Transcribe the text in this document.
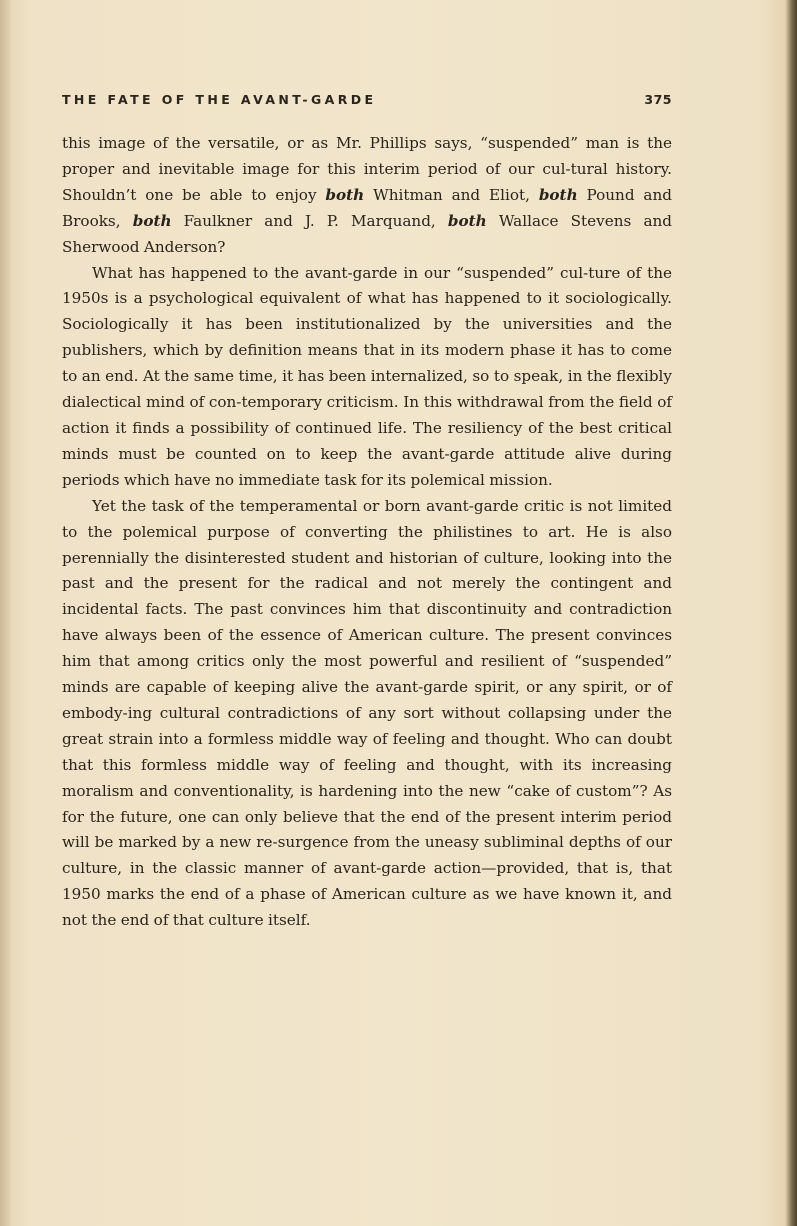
THE FATE OF THE AVANT-GARDE	375

this image of the versatile, or as Mr. Phillips says, “suspended” man is the proper and inevitable image for this interim period of our cul-tural history. Shouldn’t one be able to enjoy both Whitman and Eliot, both Pound and Brooks, both Faulkner and J. P. Marquand, both Wallace Stevens and Sherwood Anderson?

What has happened to the avant-garde in our “suspended” cul-ture of the 1950s is a psychological equivalent of what has happened to it sociologically. Sociologically it has been institutionalized by the universities and the publishers, which by definition means that in its modern phase it has to come to an end. At the same time, it has been internalized, so to speak, in the flexibly dialectical mind of con-temporary criticism. In this withdrawal from the field of action it finds a possibility of continued life. The resiliency of the best critical minds must be counted on to keep the avant-garde attitude alive during periods which have no immediate task for its polemical mission.

Yet the task of the temperamental or born avant-garde critic is not limited to the polemical purpose of converting the philistines to art. He is also perennially the disinterested student and historian of culture, looking into the past and the present for the radical and not merely the contingent and incidental facts. The past convinces him that discontinuity and contradiction have always been of the essence of American culture. The present convinces him that among critics only the most powerful and resilient of “suspended” minds are capable of keeping alive the avant-garde spirit, or any spirit, or of embody-ing cultural contradictions of any sort without collapsing under the great strain into a formless middle way of feeling and thought. Who can doubt that this formless middle way of feeling and thought, with its increasing moralism and conventionality, is hardening into the new “cake of custom”? As for the future, one can only believe that the end of the present interim period will be marked by a new re-surgence from the uneasy subliminal depths of our culture, in the classic manner of avant-garde action—provided, that is, that 1950 marks the end of a phase of American culture as we have known it, and not the end of that culture itself.
